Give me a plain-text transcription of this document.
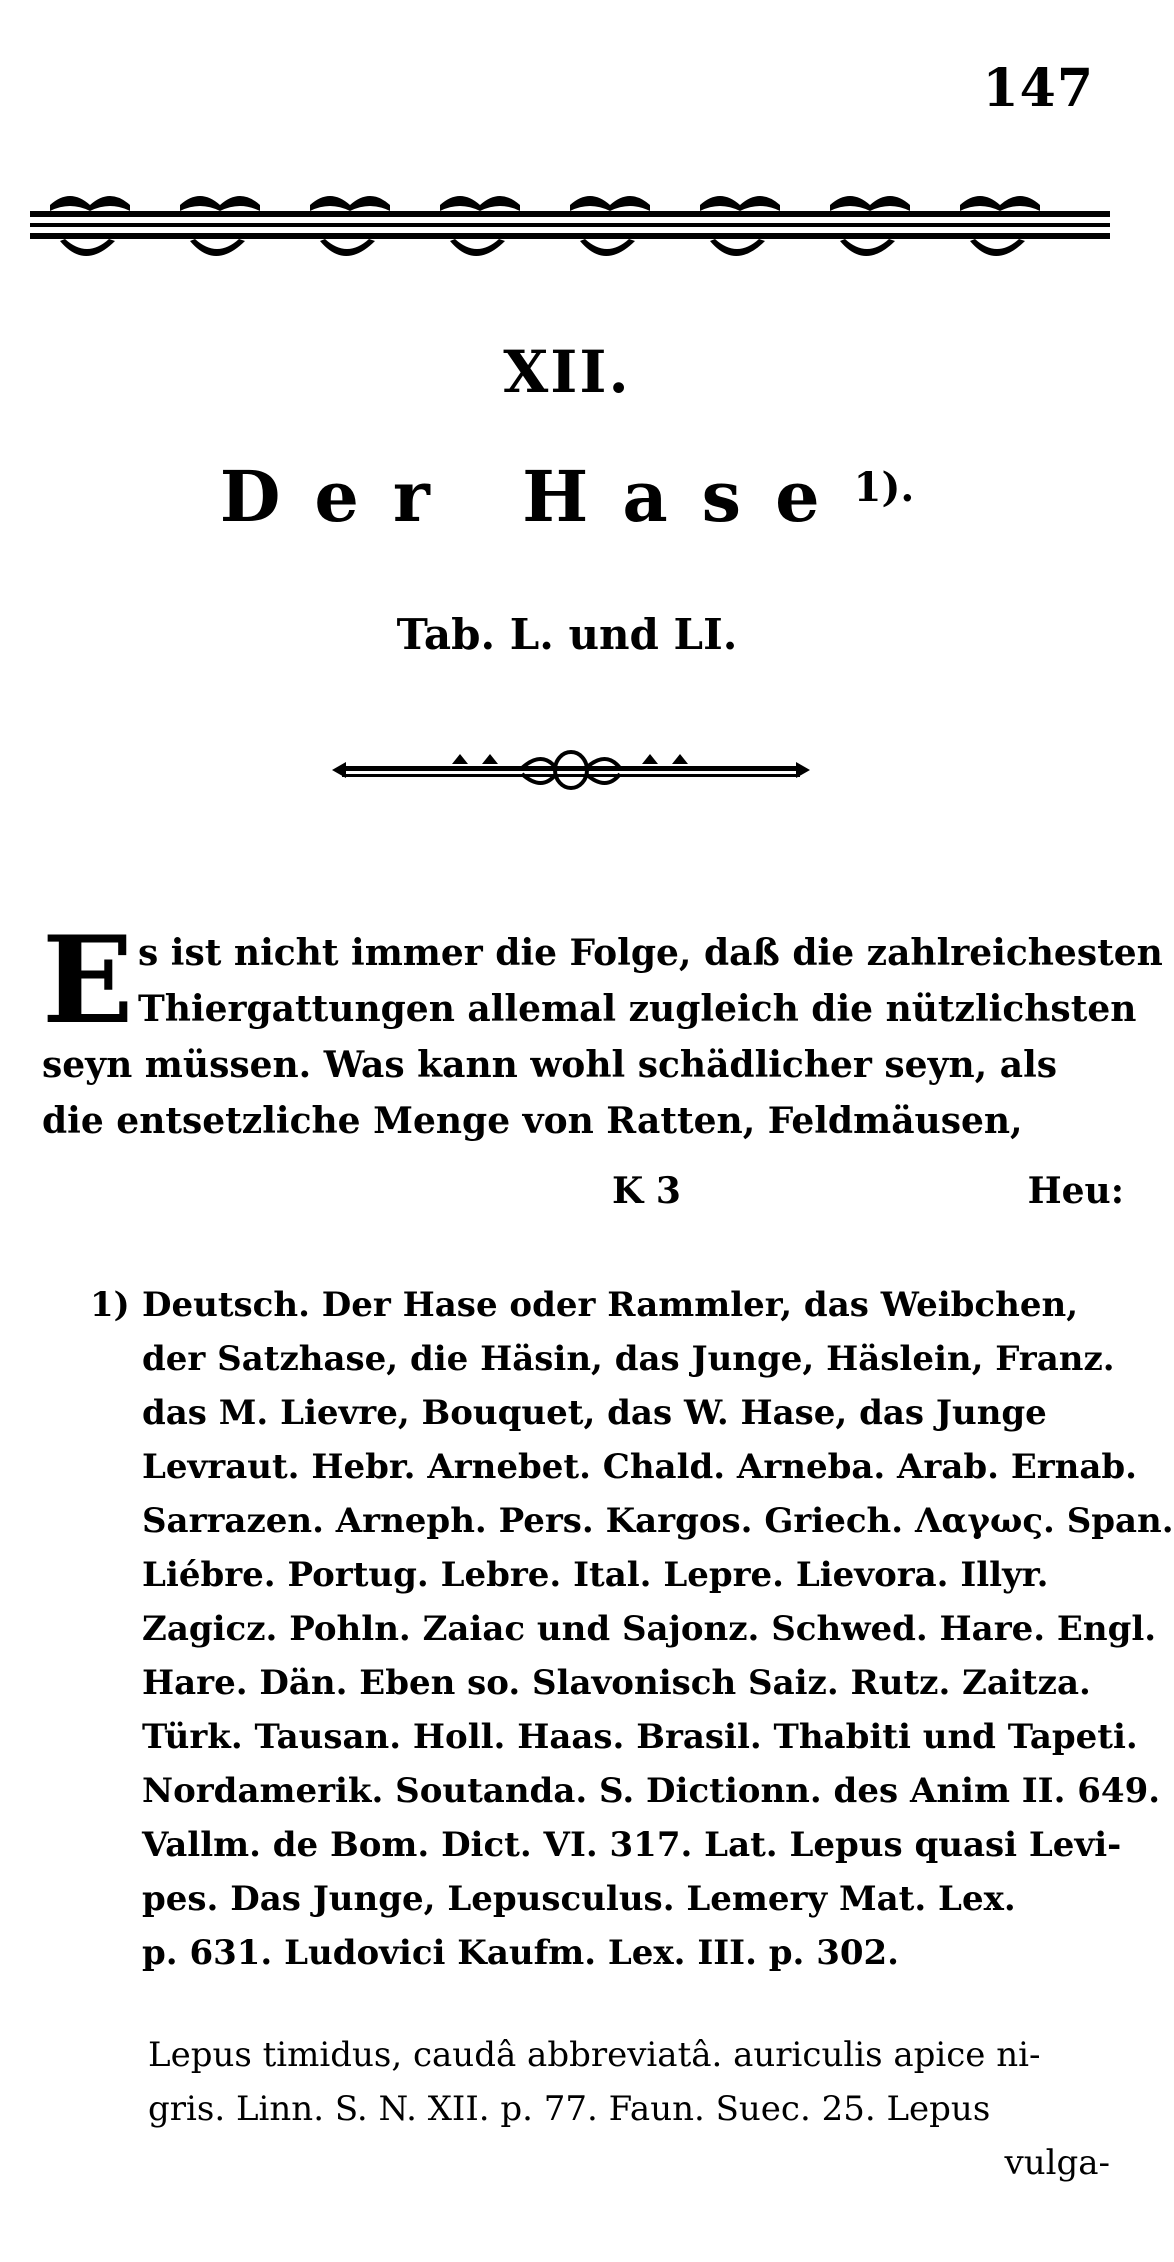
147
XII.
Der Hase$^{1).}$
Tab. L. und LI.
E s ist nicht immer die Folge, daß die zahlreichesten
Thiergattungen allemal zugleich die nützlichsten
seyn müssen. Was kann wohl schädlicher seyn, als
die entsetzliche Menge von Ratten, Feldmäusen,
K 3	Heu:
1) Deutsch. Der Hase oder Rammler, das Weibchen,
der Satzhase, die Häsin, das Junge, Häslein, Franz.
das M. Lievre, Bouquet, das W. Hase, das Junge
Levraut. Hebr. Arnebet. Chald. Arneba. Arab. Ernab.
Sarrazen. Arneph. Pers. Kargos. Griech. Λαγως. Span.
Liébre. Portug. Lebre. Ital. Lepre. Lievora. Illyr.
Zagicz. Pohln. Zaiac und Sajonz. Schwed. Hare. Engl.
Hare. Dän. Eben so. Slavonisch Saiz. Rutz. Zaitza.
Türk. Tausan. Holl. Haas. Brasil. Thabiti und Tapeti.
Nordamerik. Soutanda. S. Dictionn. des Anim II. 649.
Vallm. de Bom. Dict. VI. 317. Lat. Lepus quasi Levi-
pes. Das Junge, Lepusculus. Lemery Mat. Lex.
p. 631. Ludovici Kaufm. Lex. III. p. 302.
Lepus timidus, caudâ abbreviatâ. auriculis apice ni-
gris. Linn. S. N. XII. p. 77. Faun. Suec. 25. Lepus
vulga-
